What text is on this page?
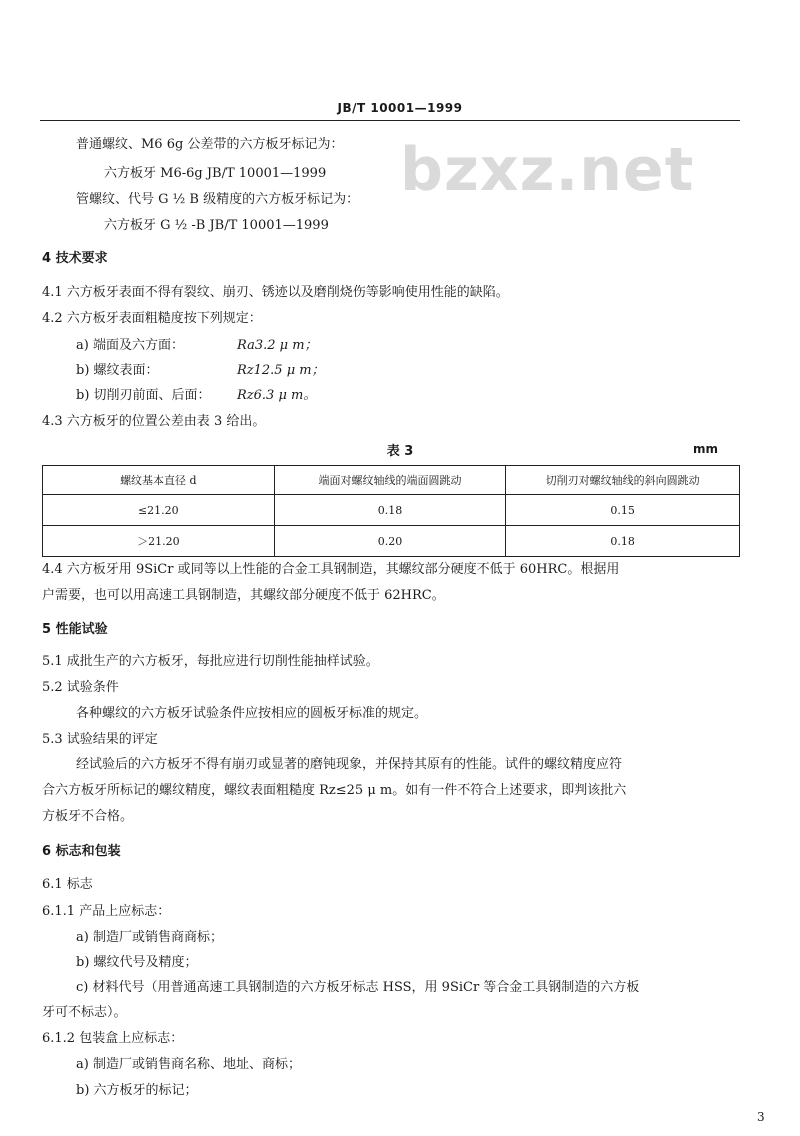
JB/T 10001—1999
bzxz.net
普通螺纹、M6 6g 公差带的六方板牙标记为：
六方板牙 M6-6g JB/T 10001—1999
管螺纹、代号 G ½ B 级精度的六方板牙标记为：
六方板牙 G ½ -B JB/T 10001—1999
4 技术要求
4.1 六方板牙表面不得有裂纹、崩刃、锈迹以及磨削烧伤等影响使用性能的缺陷。
4.2 六方板牙表面粗糙度按下列规定：
a) 端面及六方面：	Ra3.2 μ m；
b) 螺纹表面：	Rz12.5 μ m；
b) 切削刃前面、后面： Rz6.3 μ m。
4.3 六方板牙的位置公差由表 3 给出。
表 3	mm
螺纹基本直径 d	端面对螺纹轴线的端面圆跳动	切削刃对螺纹轴线的斜向圆跳动
≤21.20	0.18	0.15
＞21.20	0.20	0.18
4.4 六方板牙用 9SiCr 或同等以上性能的合金工具钢制造，其螺纹部分硬度不低于 60HRC。根据用
户需要，也可以用高速工具钢制造，其螺纹部分硬度不低于 62HRC。
5 性能试验
5.1 成批生产的六方板牙，每批应进行切削性能抽样试验。
5.2 试验条件
各种螺纹的六方板牙试验条件应按相应的圆板牙标准的规定。
5.3 试验结果的评定
经试验后的六方板牙不得有崩刃或显著的磨钝现象，并保持其原有的性能。试件的螺纹精度应符
合六方板牙所标记的螺纹精度，螺纹表面粗糙度 Rz≤25 μ m。如有一件不符合上述要求，即判该批六
方板牙不合格。
6 标志和包装
6.1 标志
6.1.1 产品上应标志：
a) 制造厂或销售商商标；
b) 螺纹代号及精度；
c) 材料代号（用普通高速工具钢制造的六方板牙标志 HSS，用 9SiCr 等合金工具钢制造的六方板
牙可不标志）。
6.1.2 包装盒上应标志：
a) 制造厂或销售商名称、地址、商标；
b) 六方板牙的标记；
3
